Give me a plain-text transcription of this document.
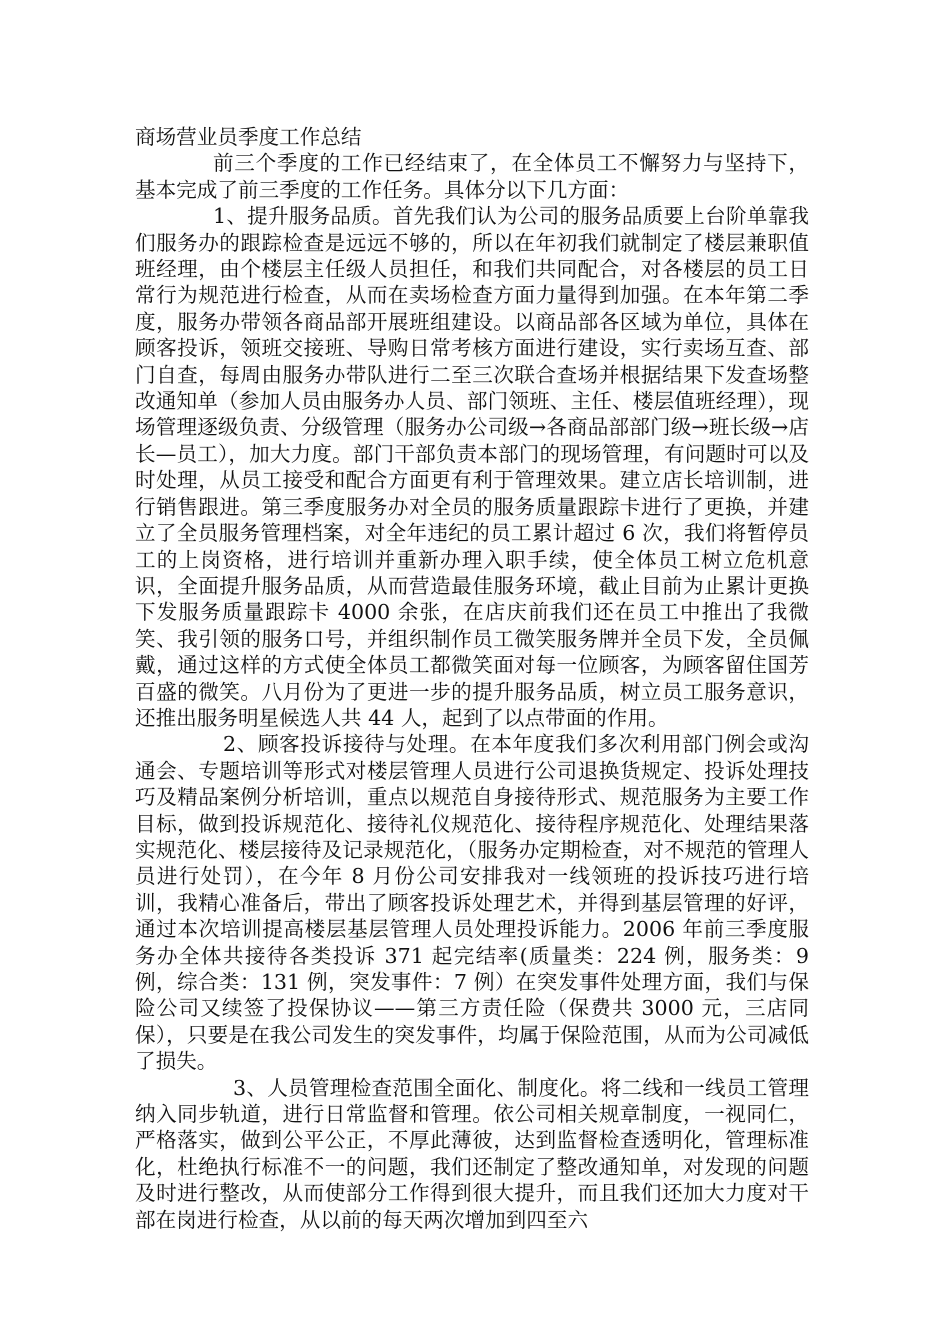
商场营业员季度工作总结

前三个季度的工作已经结束了，在全体员工不懈努力与坚持下，基本完成了前三季度的工作任务。具体分以下几方面：

1、提升服务品质。首先我们认为公司的服务品质要上台阶单靠我们服务办的跟踪检查是远远不够的，所以在年初我们就制定了楼层兼职值班经理，由个楼层主任级人员担任，和我们共同配合，对各楼层的员工日常行为规范进行检查，从而在卖场检查方面力量得到加强。在本年第二季度，服务办带领各商品部开展班组建设。以商品部各区域为单位，具体在顾客投诉，领班交接班、导购日常考核方面进行建设，实行卖场互查、部门自查，每周由服务办带队进行二至三次联合查场并根据结果下发查场整改通知单（参加人员由服务办人员、部门领班、主任、楼层值班经理），现场管理逐级负责、分级管理（服务办公司级→各商品部部门级→班长级→店长—员工），加大力度。部门干部负责本部门的现场管理，有问题时可以及时处理，从员工接受和配合方面更有利于管理效果。建立店长培训制，进行销售跟进。第三季度服务办对全员的服务质量跟踪卡进行了更换，并建立了全员服务管理档案，对全年违纪的员工累计超过 6 次，我们将暂停员工的上岗资格，进行培训并重新办理入职手续，使全体员工树立危机意识，全面提升服务品质，从而营造最佳服务环境，截止目前为止累计更换下发服务质量跟踪卡 4000 余张，在店庆前我们还在员工中推出了我微笑、我引领的服务口号，并组织制作员工微笑服务牌并全员下发，全员佩戴，通过这样的方式使全体员工都微笑面对每一位顾客，为顾客留住国芳百盛的微笑。八月份为了更进一步的提升服务品质，树立员工服务意识，还推出服务明星候选人共 44 人，起到了以点带面的作用。

2、顾客投诉接待与处理。在本年度我们多次利用部门例会或沟通会、专题培训等形式对楼层管理人员进行公司退换货规定、投诉处理技巧及精品案例分析培训，重点以规范自身接待形式、规范服务为主要工作目标，做到投诉规范化、接待礼仪规范化、接待程序规范化、处理结果落实规范化、楼层接待及记录规范化，（服务办定期检查，对不规范的管理人员进行处罚），在今年 8 月份公司安排我对一线领班的投诉技巧进行培训，我精心准备后，带出了顾客投诉处理艺术，并得到基层管理的好评，通过本次培训提高楼层基层管理人员处理投诉能力。2006 年前三季度服务办全体共接待各类投诉 371 起完结率(质量类：224 例，服务类：9 例，综合类：131 例，突发事件：7 例）在突发事件处理方面，我们与保险公司又续签了投保协议——第三方责任险（保费共 3000 元，三店同保），只要是在我公司发生的突发事件，均属于保险范围，从而为公司减低了损失。

3、人员管理检查范围全面化、制度化。将二线和一线员工管理纳入同步轨道，进行日常监督和管理。依公司相关规章制度，一视同仁，严格落实，做到公平公正，不厚此薄彼，达到监督检查透明化，管理标准化，杜绝执行标准不一的问题，我们还制定了整改通知单，对发现的问题及时进行整改，从而使部分工作得到很大提升，而且我们还加大力度对干部在岗进行检查，从以前的每天两次增加到四至六
